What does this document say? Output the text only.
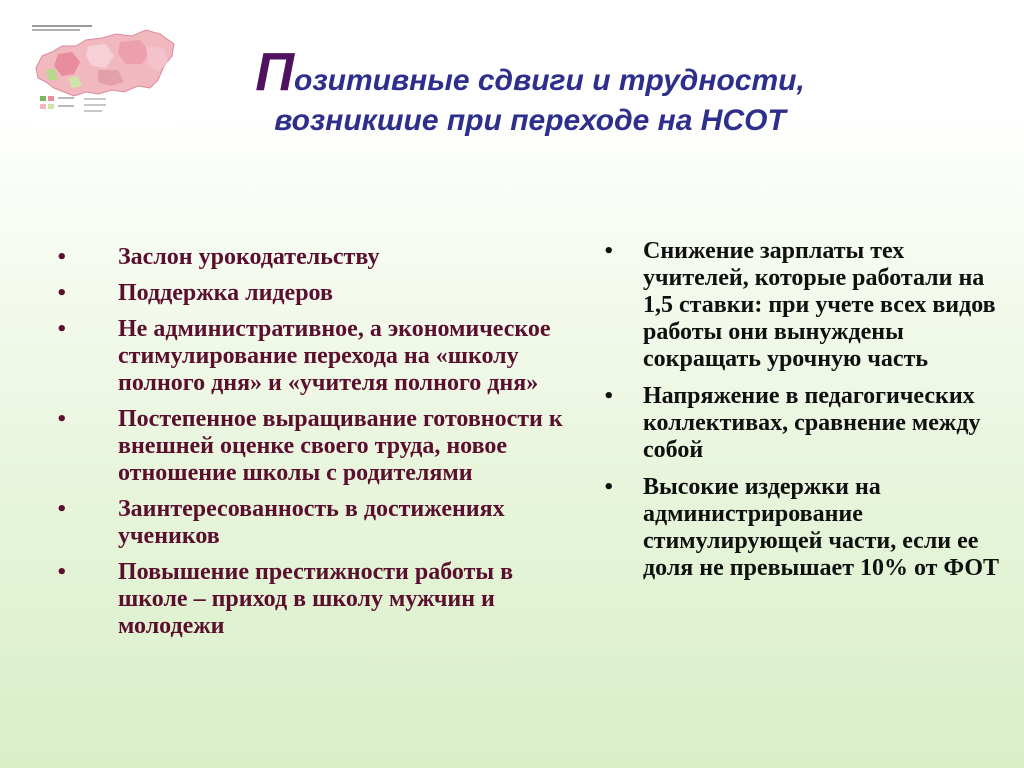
Позитивные сдвиги и трудности,
возникшие при переходе на НСОТ
• Заслон урокодательству
• Поддержка лидеров
• Не административное, а экономическое стимулирование перехода на «школу полного дня» и «учителя полного дня»
• Постепенное выращивание готовности к внешней оценке своего труда, новое отношение школы с родителями
• Заинтересованность в достижениях учеников
• Повышение престижности работы в школе – приход в школу мужчин и молодежи
• Снижение зарплаты тех учителей, которые работали на 1,5 ставки: при учете всех видов работы они вынуждены сокращать урочную часть
• Напряжение в педагогических коллективах, сравнение между собой
• Высокие издержки на администрирование стимулирующей части, если ее доля не превышает 10% от ФОТ
